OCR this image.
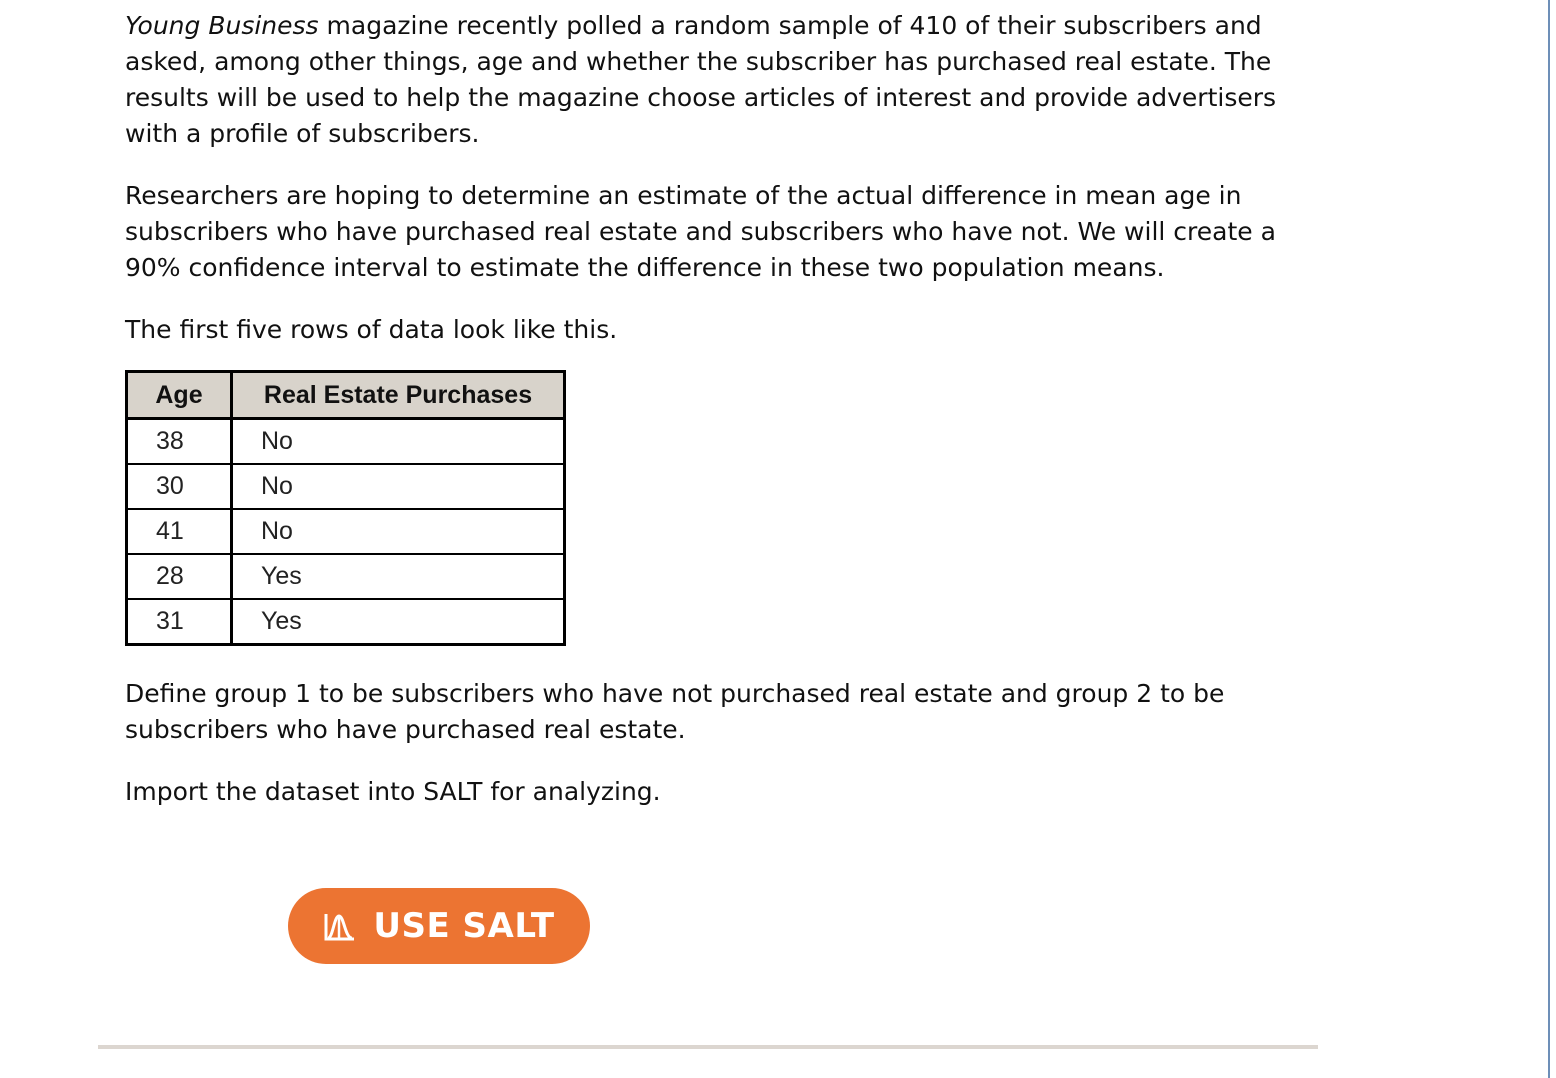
Young Business magazine recently polled a random sample of 410 of their subscribers and asked, among other things, age and whether the subscriber has purchased real estate. The results will be used to help the magazine choose articles of interest and provide advertisers with a profile of subscribers.

Researchers are hoping to determine an estimate of the actual difference in mean age in subscribers who have purchased real estate and subscribers who have not. We will create a 90% confidence interval to estimate the difference in these two population means.

The first five rows of data look like this.

Age	Real Estate Purchases
38	No
30	No
41	No
28	Yes
31	Yes

Define group 1 to be subscribers who have not purchased real estate and group 2 to be subscribers who have purchased real estate.

Import the dataset into SALT for analyzing.

USE SALT
